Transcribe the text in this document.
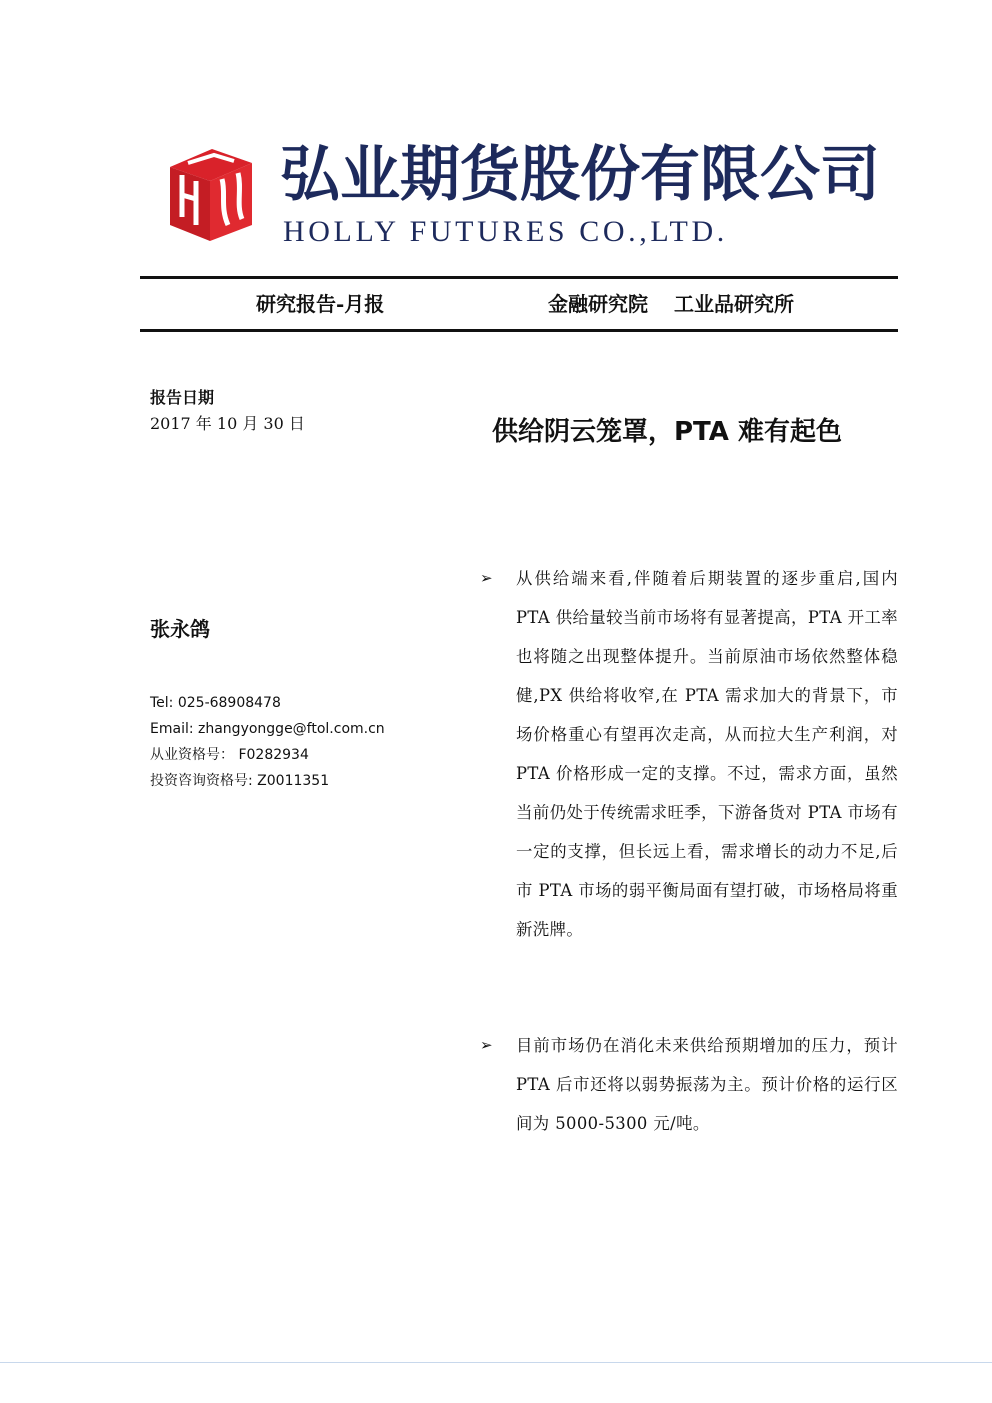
弘业期货股份有限公司
HOLLY FUTURES CO.,LTD.
研究报告-月报	金融研究院 工业品研究所
报告日期
2017 年 10 月 30 日	供给阴云笼罩，PTA 难有起色
张永鸽
Tel: 025-68908478
Email: zhangyongge@ftol.com.cn
从业资格号： F0282934
投资咨询资格号: Z0011351
➢	从供给端来看,伴随着后期装置的逐步重启,国内 PTA 供给量较当前市场将有显著提高，PTA 开工率也将随之出现整体提升。当前原油市场依然整体稳健,PX 供给将收窄,在 PTA 需求加大的背景下，市场价格重心有望再次走高，从而拉大生产利润，对 PTA 价格形成一定的支撑。不过，需求方面，虽然当前仍处于传统需求旺季，下游备货对 PTA 市场有一定的支撑，但长远上看，需求增长的动力不足,后市 PTA 市场的弱平衡局面有望打破，市场格局将重新洗牌。
➢	目前市场仍在消化未来供给预期增加的压力，预计 PTA 后市还将以弱势振荡为主。预计价格的运行区间为 5000-5300 元/吨。
